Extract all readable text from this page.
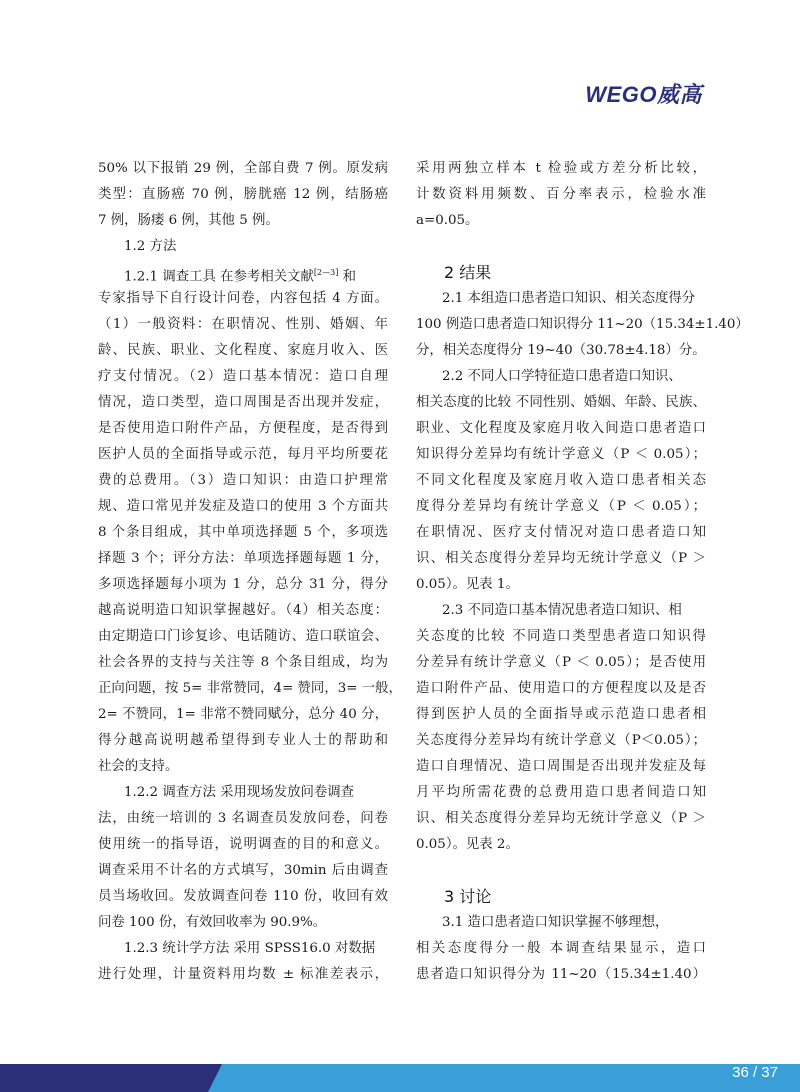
WEGO威高
50% 以下报销 29 例，全部自费 7 例。原发病
类型：直肠癌 70 例，膀胱癌 12 例，结肠癌
7 例，肠瘘 6 例，其他 5 例。
1.2 方法
1.2.1 调查工具 在参考相关文献[2—3] 和
专家指导下自行设计问卷，内容包括 4 方面。
（1）一般资料：在职情况、性别、婚姻、年
龄、民族、职业、文化程度、家庭月收入、医
疗支付情况。（2）造口基本情况：造口自理
情况，造口类型，造口周围是否出现并发症，
是否使用造口附件产品，方便程度，是否得到
医护人员的全面指导或示范，每月平均所要花
费的总费用。（3）造口知识：由造口护理常
规、造口常见并发症及造口的使用 3 个方面共
8 个条目组成，其中单项选择题 5 个，多项选
择题 3 个；评分方法：单项选择题每题 1 分，
多项选择题每小项为 1 分，总分 31 分，得分
越高说明造口知识掌握越好。（4）相关态度：
由定期造口门诊复诊、电话随访、造口联谊会、
社会各界的支持与关注等 8 个条目组成，均为
正向问题，按 5= 非常赞同，4= 赞同，3= 一般，
2= 不赞同，1= 非常不赞同赋分，总分 40 分，
得分越高说明越希望得到专业人士的帮助和
社会的支持。
1.2.2 调查方法 采用现场发放问卷调查
法，由统一培训的 3 名调查员发放问卷，问卷
使用统一的指导语，说明调查的目的和意义。
调查采用不计名的方式填写，30min 后由调查
员当场收回。发放调查问卷 110 份，收回有效
问卷 100 份，有效回收率为 90.9%。
1.2.3 统计学方法 采用 SPSS16.0 对数据
进行处理，计量资料用均数 ± 标准差表示，
采用两独立样本 t 检验或方差分析比较，
计数资料用频数、百分率表示，检验水准
a=0.05。
2 结果
2.1 本组造口患者造口知识、相关态度得分
100 例造口患者造口知识得分 11~20（15.34±1.40）
分，相关态度得分 19~40（30.78±4.18）分。
2.2 不同人口学特征造口患者造口知识、
相关态度的比较 不同性别、婚姻、年龄、民族、
职业、文化程度及家庭月收入间造口患者造口
知识得分差异均有统计学意义（P ＜ 0.05）；
不同文化程度及家庭月收入造口患者相关态
度得分差异均有统计学意义（P ＜ 0.05）；
在职情况、医疗支付情况对造口患者造口知
识、相关态度得分差异均无统计学意义（P ＞
0.05）。见表 1。
2.3 不同造口基本情况患者造口知识、相
关态度的比较 不同造口类型患者造口知识得
分差异有统计学意义（P ＜ 0.05）；是否使用
造口附件产品、使用造口的方便程度以及是否
得到医护人员的全面指导或示范造口患者相
关态度得分差异均有统计学意义（P＜0.05）；
造口自理情况、造口周围是否出现并发症及每
月平均所需花费的总费用造口患者间造口知
识、相关态度得分差异均无统计学意义（P ＞
0.05）。见表 2。
3 讨论
3.1 造口患者造口知识掌握不够理想，
相关态度得分一般 本调查结果显示，造口
患者造口知识得分为 11~20（15.34±1.40）
36 / 37
